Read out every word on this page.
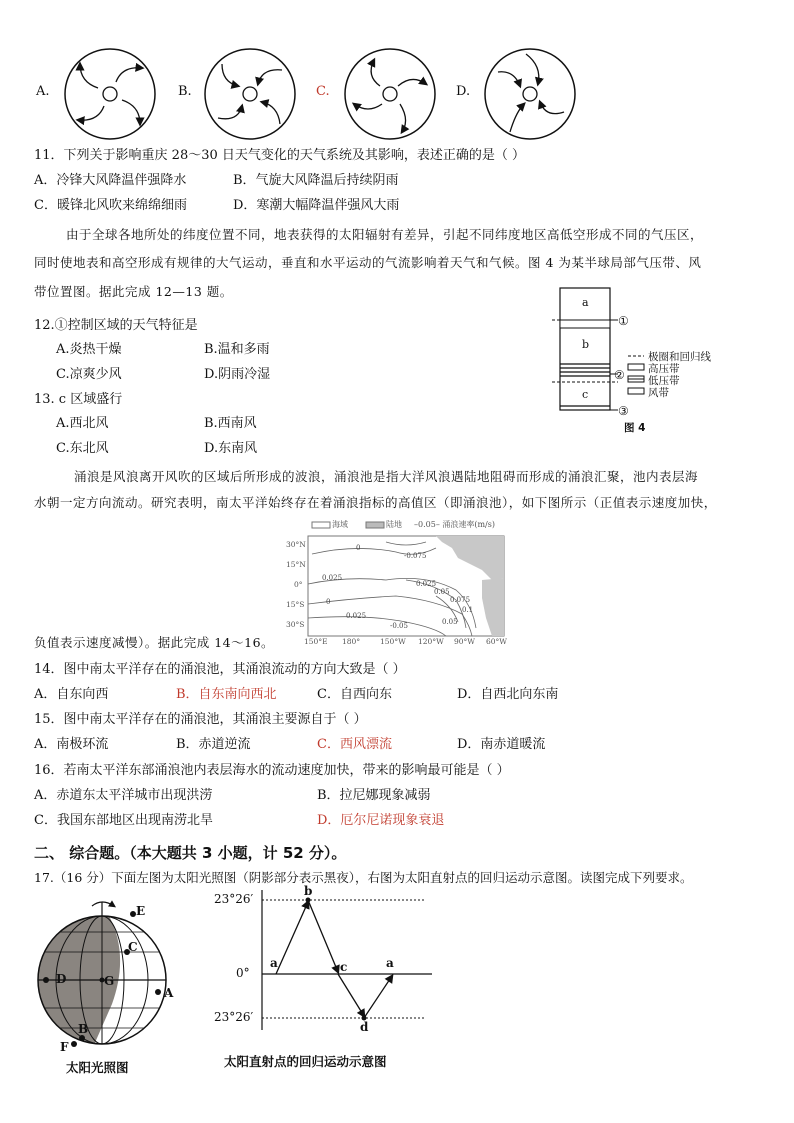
A.	B.	C.	D.
11．下列关于影响重庆 28～30 日天气变化的天气系统及其影响，表述正确的是（ ）
A．冷锋大风降温伴强降水	B．气旋大风降温后持续阴雨
C．暖锋北风吹来绵绵细雨	D．寒潮大幅降温伴强风大雨
由于全球各地所处的纬度位置不同，地表获得的太阳辐射有差异，引起不同纬度地区高低空形成不同的气压区，
同时使地表和高空形成有规律的大气运动，垂直和水平运动的气流影响着天气和气候。图 4 为某半球局部气压带、风
带位置图。据此完成 12—13 题。
12.①控制区域的天气特征是
A.炎热干燥	B.温和多雨
C.凉爽少风	D.阴雨冷湿
13. c 区域盛行
A.西北风	B.西南风
C.东北风	D.东南风
a
b
c
①
②
③
极圈和回归线
高压带
低压带
风带
图 4
涌浪是风浪离开风吹的区域后所形成的波浪，涌浪池是指大洋风浪遇陆地阻碍而形成的涌浪汇聚，池内表层海
水朝一定方向流动。研究表明，南太平洋始终存在着涌浪指标的高值区（即涌浪池），如下图所示（正值表示速度加快，
海域	陆地 –0.05– 涌浪速率(m/s)
30°N
15°N
0°
15°S
30°S
150°E 180°	150°W 120°W 90°W 60°W
0
-0.075
0.025
0.025
0
0.025
0.05
0.075
0.1
0.05
-0.05
负值表示速度减慢）。据此完成 14～16。
14．图中南太平洋存在的涌浪池，其涌浪流动的方向大致是（ ）
A．自东向西	B．自东南向西北	C．自西向东	D．自西北向东南
15．图中南太平洋存在的涌浪池，其涌浪主要源自于（ ）
A．南极环流	B．赤道逆流	C．西风漂流	D．南赤道暖流
16．若南太平洋东部涌浪池内表层海水的流动速度加快，带来的影响最可能是（ ）
A．赤道东太平洋城市出现洪涝	B．拉尼娜现象减弱
C．我国东部地区出现南涝北旱	D．厄尔尼诺现象衰退
二、 综合题。（本大题共 3 小题，计 52 分）。
17.（16 分）下面左图为太阳光照图（阴影部分表示黑夜），右图为太阳直射点的回归运动示意图。读图完成下列要求。
E
C
D	G
A
B
F
太阳光照图
23°26′
0°
23°26′
a
b
c	a
d
太阳直射点的回归运动示意图
